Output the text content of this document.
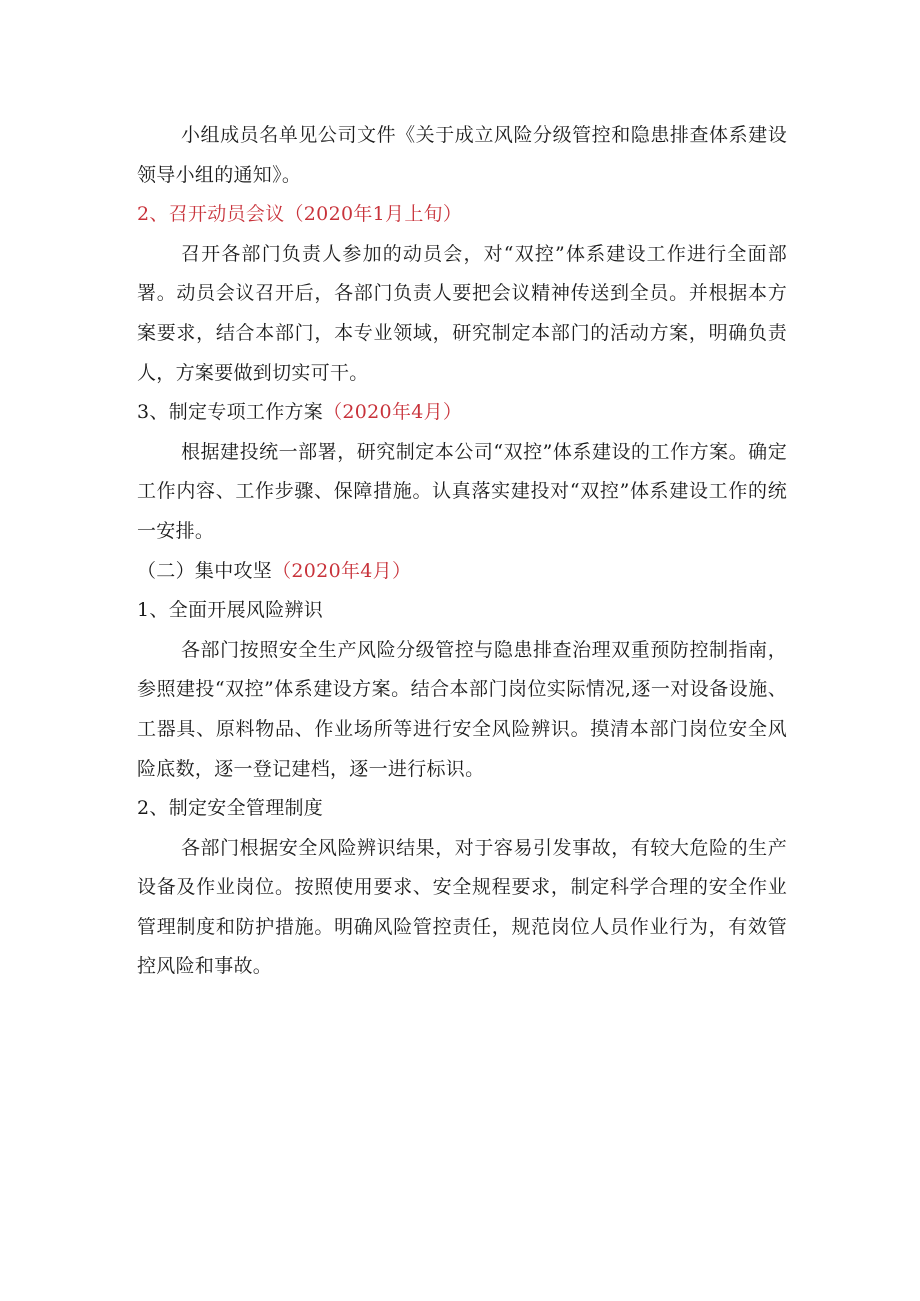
小组成员名单见公司文件《关于成立风险分级管控和隐患排查体系建设领导小组的通知》。

2、召开动员会议（2020年1月上旬）

召开各部门负责人参加的动员会，对“双控”体系建设工作进行全面部署。动员会议召开后，各部门负责人要把会议精神传送到全员。并根据本方案要求，结合本部门，本专业领域，研究制定本部门的活动方案，明确负责人，方案要做到切实可干。

3、制定专项工作方案（2020年4月）

根据建投统一部署，研究制定本公司“双控”体系建设的工作方案。确定工作内容、工作步骤、保障措施。认真落实建投对“双控”体系建设工作的统一安排。

（二）集中攻坚（2020年4月）

1、全面开展风险辨识

各部门按照安全生产风险分级管控与隐患排查治理双重预防控制指南，参照建投“双控”体系建设方案。结合本部门岗位实际情况,逐一对设备设施、工器具、原料物品、作业场所等进行安全风险辨识。摸清本部门岗位安全风险底数，逐一登记建档，逐一进行标识。

2、制定安全管理制度

各部门根据安全风险辨识结果，对于容易引发事故，有较大危险的生产设备及作业岗位。按照使用要求、安全规程要求，制定科学合理的安全作业管理制度和防护措施。明确风险管控责任，规范岗位人员作业行为，有效管控风险和事故。
